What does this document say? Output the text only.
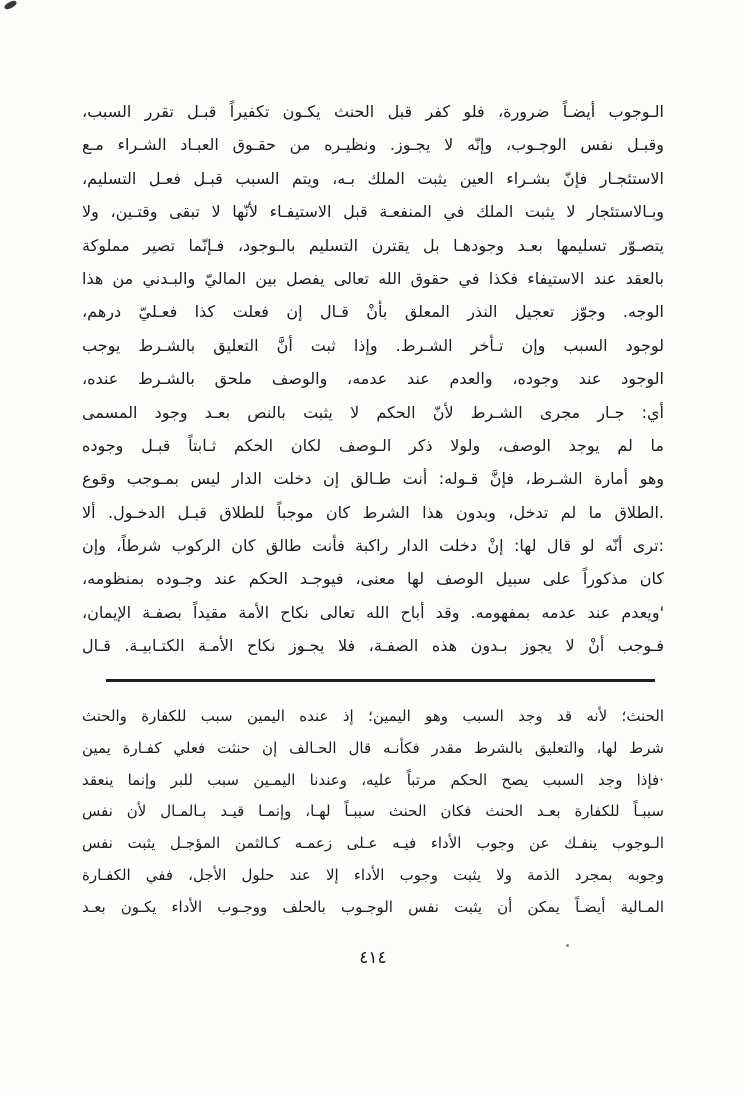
الـوجوب أيضـاً ضرورة، فلو كفر قبل الحنث يكـون تكفيراً قبـل تقرر السبب،
وقبـل نفس الوجـوب، وإنّه لا يجـوز. ونظيـره من حقـوق العبـاد الشـراء مـع
الاستئجـار فإنّ بشـراء العين يثبت الملك بـه، ويتم السبب قبـل فعـل التسليم،
وبـالاستئجار لا يثبت الملك في المنفعـة قبل الاستيفـاء لأنّها لا تبقى وقتـين، ولا
يتصـوّر تسليمها بعـد وجودهـا بل يقترن التسليم بالـوجود، فـإنّما تصير مملوكة
بالعقد عند الاستيفاء فكذا في حقوق الله تعالى يفصل بين الماليّ والبـدني من هذا
الوجه. وجوّز تعجيل النذر المعلق بأنْ قـال إن فعلت كذا فعـليّ درهم،
لوجود السبب وإن تـأخر الشـرط. وإذا ثبت أنَّ التعليق بالشـرط يوجب
الوجود عند وجوده، والعدم عند عدمه، والوصف ملحق بالشـرط عنده،
أي: جـار مجرى الشـرط لأنّ الحكم لا يثبت بالنص بعـد وجود المسمى
ما لم يوجد الوصف، ولولا ذكر الـوصف لكان الحكم ثـابتاً قبـل وجوده
وهو أمارة الشـرط، فإنَّ قـوله: أنت طـالق إن دخلت الدار ليس بمـوجب وقوع
.الطلاق ما لم تدخل، وبدون هذا الشرط كان موجباً للطلاق قبـل الدخـول. ألا
:ترى أنّه لو قال لها: إنْ دخلت الدار راكبة فأنت طالق كان الركوب شرطاً، وإن
كان مذكوراً على سبيل الوصف لها معنى، فيوجـد الحكم عند وجـوده بمنظومه،
'ويعدم عند عدمه بمفهومه. وقد أباح الله تعالى نكاح الأمة مقيداً بصفـة الإيمان،
فـوجب أنْ لا يجوز بـدون هذه الصفـة، فلا يجـوز نكاح الأمـة الكتـابيـة. قـال
الحنث؛ لأنه قد وجد السبب وهو اليمين؛ إذ عنده اليمين سبب للكفارة والحنث
شرط لها، والتعليق بالشرط مقدر فكأنـه قال الحـالف إن حنثت فعلي كفـارة يمين
·فإذا وجد السبب يصح الحكم مرتباً عليه، وعندنا اليمـين سبب للبر وإنما ينعقد
سببـاً للكفارة بعـد الحنث فكان الحنث سببـاً لهـا، وإنمـا قيـد بـالمـال لأن نفس
الـوجوب ينفـك عن وجوب الأداء فيـه عـلى زعمـه كـالثمن المؤجـل يثبت نفس
وجوبه بمجرد الذمة ولا يثبت وجوب الأداء إلا عند حلول الأجل، ففي الكفـارة
المـالية أيضـاً يمكن أن يثبت نفس الوجـوب بالحلف ووجـوب الأداء يكـون بعـد
٤١٤
